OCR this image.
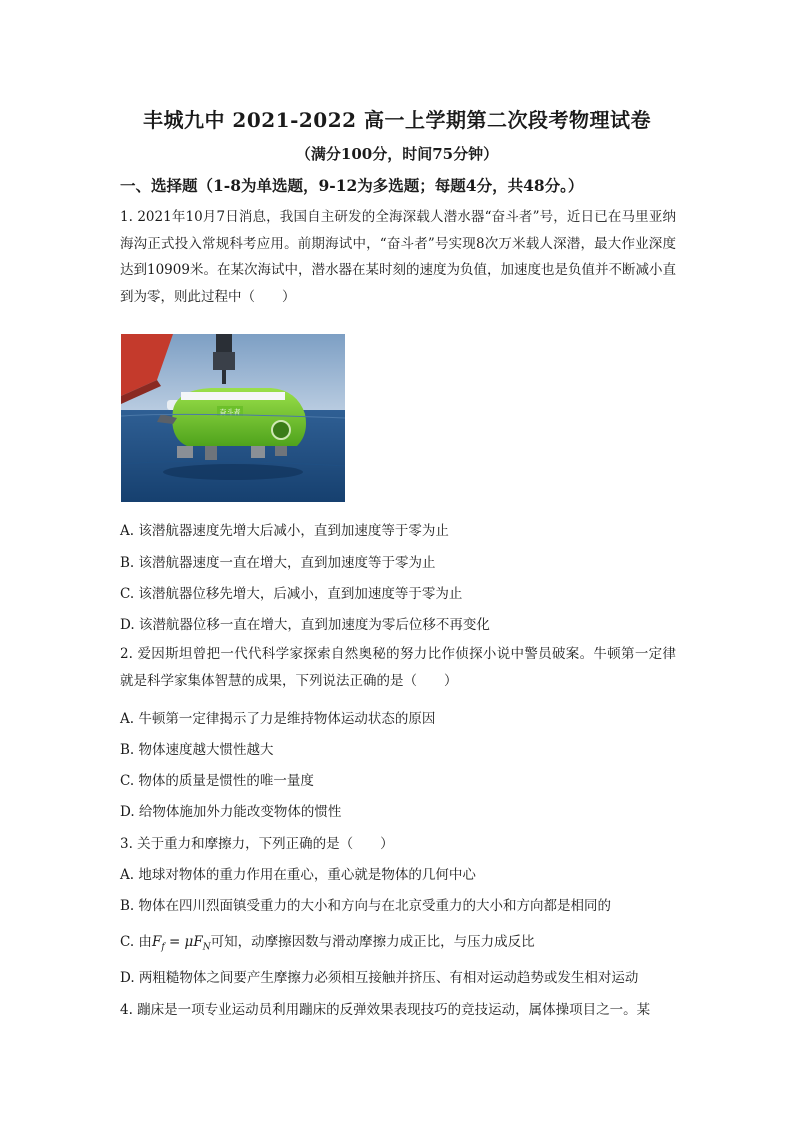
丰城九中 2021-2022 高一上学期第二次段考物理试卷
（满分100分，时间75分钟）
一、选择题（1-8为单选题，9-12为多选题；每题4分，共48分。）
1. 2021年10月7日消息，我国自主研发的全海深载人潜水器“奋斗者”号，近日已在马里亚纳海沟正式投入常规科考应用。前期海试中，“奋斗者”号实现8次万米载人深潜，最大作业深度达到10909米。在某次海试中，潜水器在某时刻的速度为负值，加速度也是负值并不断减小直到为零，则此过程中（　　）
奋斗者
A. 该潜航器速度先增大后减小，直到加速度等于零为止
B. 该潜航器速度一直在增大，直到加速度等于零为止
C. 该潜航器位移先增大，后减小，直到加速度等于零为止
D. 该潜航器位移一直在增大，直到加速度为零后位移不再变化
2. 爱因斯坦曾把一代代科学家探索自然奥秘的努力比作侦探小说中警员破案。牛顿第一定律就是科学家集体智慧的成果，下列说法正确的是（　　）
A. 牛顿第一定律揭示了力是维持物体运动状态的原因
B. 物体速度越大惯性越大
C. 物体的质量是惯性的唯一量度
D. 给物体施加外力能改变物体的惯性
3. 关于重力和摩擦力，下列正确的是（　　）
A. 地球对物体的重力作用在重心，重心就是物体的几何中心
B. 物体在四川烈面镇受重力的大小和方向与在北京受重力的大小和方向都是相同的
C. 由$F_f = \mu F_N$可知，动摩擦因数与滑动摩擦力成正比，与压力成反比
D. 两粗糙物体之间要产生摩擦力必须相互接触并挤压、有相对运动趋势或发生相对运动
4. 蹦床是一项专业运动员利用蹦床的反弹效果表现技巧的竞技运动，属体操项目之一。某
